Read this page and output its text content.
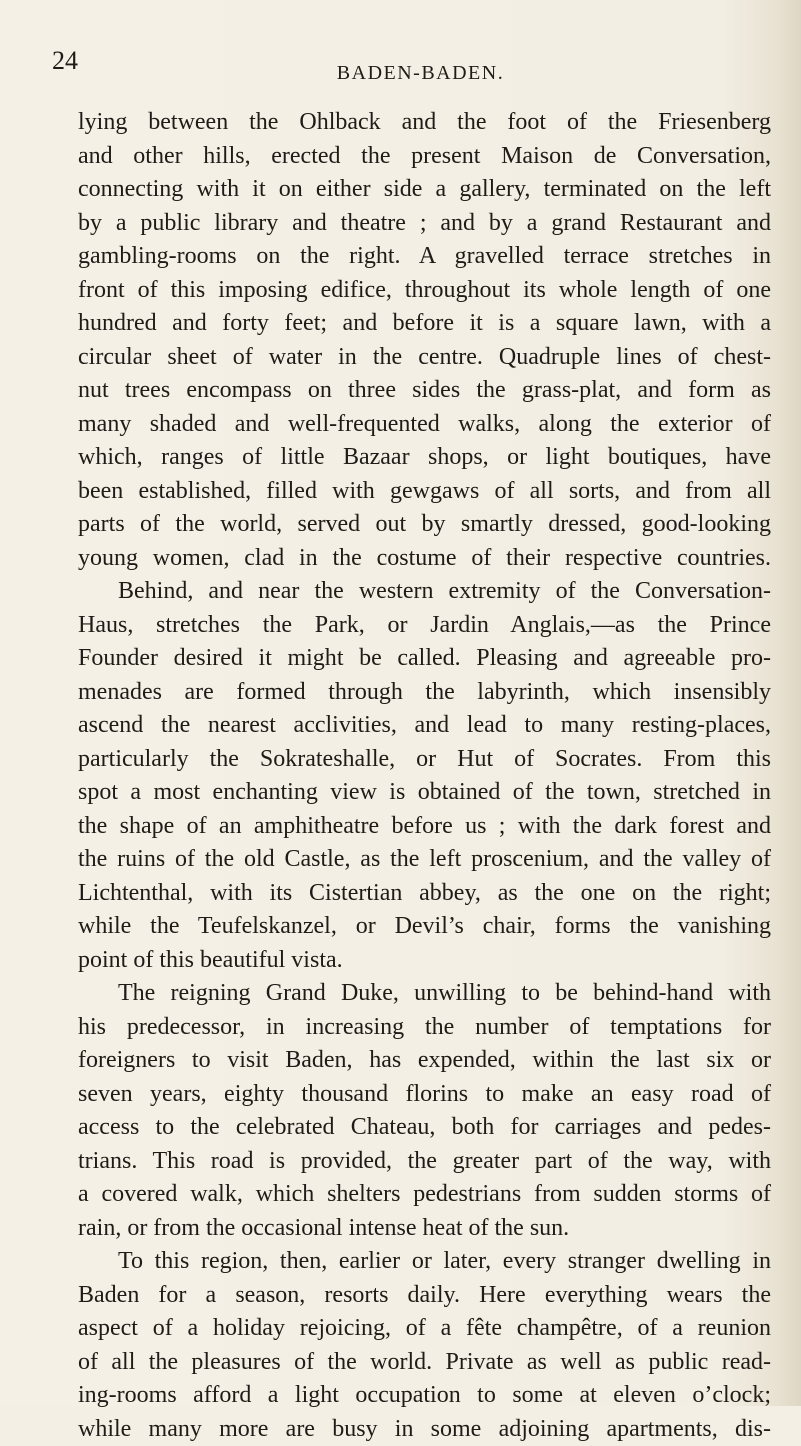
24	BADEN-BADEN.
lying between the Ohlback and the foot of the Friesenberg
and other hills, erected the present Maison de Conversation,
connecting with it on either side a gallery, terminated on the left
by a public library and theatre ; and by a grand Restaurant and
gambling-rooms on the right. A gravelled terrace stretches in
front of this imposing edifice, throughout its whole length of one
hundred and forty feet; and before it is a square lawn, with a
circular sheet of water in the centre. Quadruple lines of chest-
nut trees encompass on three sides the grass-plat, and form as
many shaded and well-frequented walks, along the exterior of
which, ranges of little Bazaar shops, or light boutiques, have
been established, filled with gewgaws of all sorts, and from all
parts of the world, served out by smartly dressed, good-looking
young women, clad in the costume of their respective countries.
Behind, and near the western extremity of the Conversation-
Haus, stretches the Park, or Jardin Anglais,—as the Prince
Founder desired it might be called. Pleasing and agreeable pro-
menades are formed through the labyrinth, which insensibly
ascend the nearest acclivities, and lead to many resting-places,
particularly the Sokrateshalle, or Hut of Socrates. From this
spot a most enchanting view is obtained of the town, stretched in
the shape of an amphitheatre before us ; with the dark forest and
the ruins of the old Castle, as the left proscenium, and the valley of
Lichtenthal, with its Cistertian abbey, as the one on the right;
while the Teufelskanzel, or Devil’s chair, forms the vanishing
point of this beautiful vista.
The reigning Grand Duke, unwilling to be behind-hand with
his predecessor, in increasing the number of temptations for
foreigners to visit Baden, has expended, within the last six or
seven years, eighty thousand florins to make an easy road of
access to the celebrated Chateau, both for carriages and pedes-
trians. This road is provided, the greater part of the way, with
a covered walk, which shelters pedestrians from sudden storms of
rain, or from the occasional intense heat of the sun.
To this region, then, earlier or later, every stranger dwelling in
Baden for a season, resorts daily. Here everything wears the
aspect of a holiday rejoicing, of a fête champêtre, of a reunion
of all the pleasures of the world. Private as well as public read-
ing-rooms afford a light occupation to some at eleven o’clock;
while many more are busy in some adjoining apartments, dis-
